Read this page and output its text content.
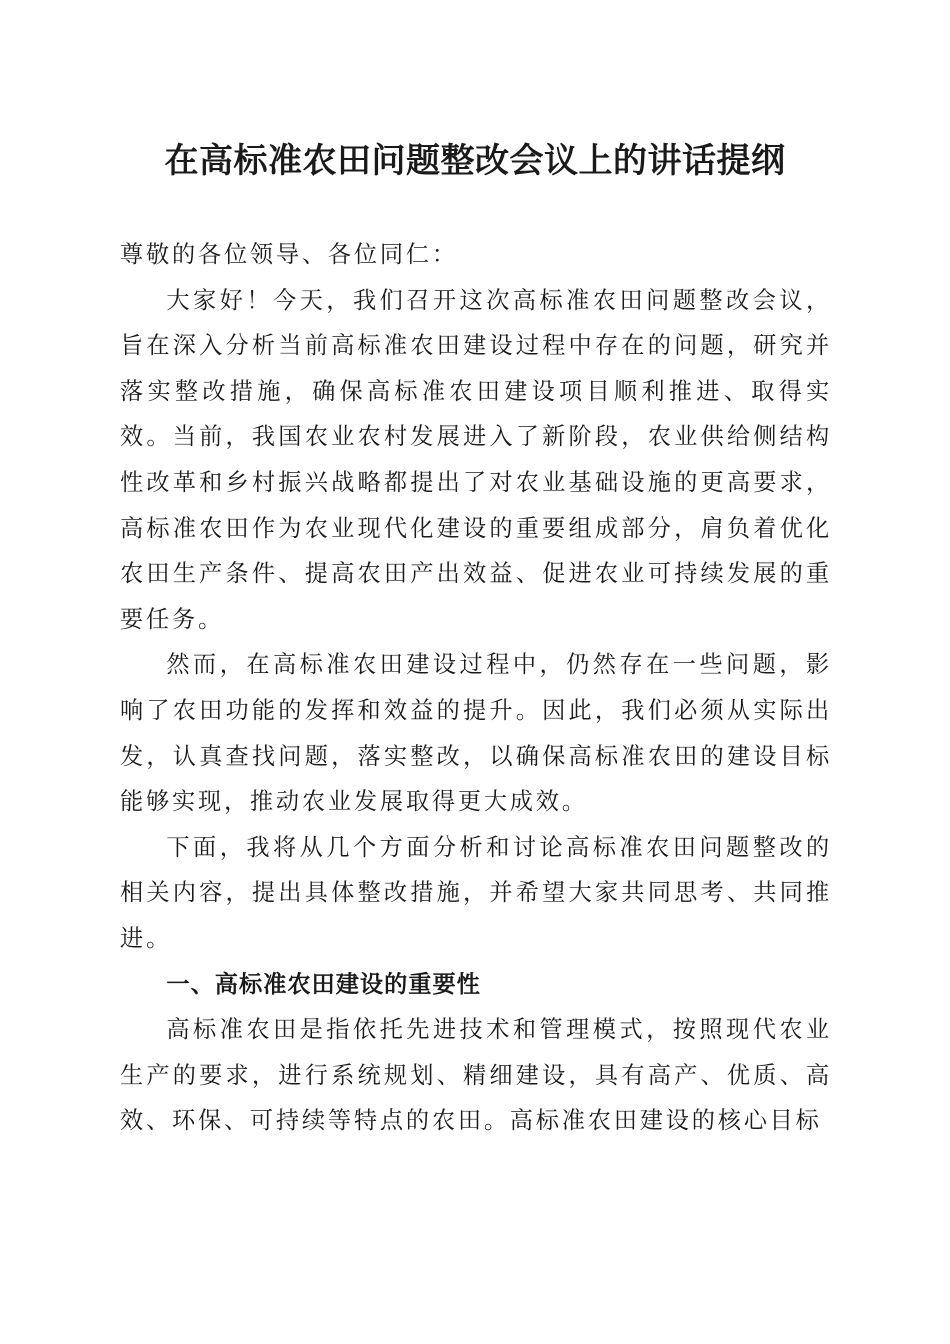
在高标准农田问题整改会议上的讲话提纲

尊敬的各位领导、各位同仁：

大家好！今天，我们召开这次高标准农田问题整改会议，旨在深入分析当前高标准农田建设过程中存在的问题，研究并落实整改措施，确保高标准农田建设项目顺利推进、取得实效。当前，我国农业农村发展进入了新阶段，农业供给侧结构性改革和乡村振兴战略都提出了对农业基础设施的更高要求，高标准农田作为农业现代化建设的重要组成部分，肩负着优化农田生产条件、提高农田产出效益、促进农业可持续发展的重要任务。

然而，在高标准农田建设过程中，仍然存在一些问题，影响了农田功能的发挥和效益的提升。因此，我们必须从实际出发，认真查找问题，落实整改，以确保高标准农田的建设目标能够实现，推动农业发展取得更大成效。

下面，我将从几个方面分析和讨论高标准农田问题整改的相关内容，提出具体整改措施，并希望大家共同思考、共同推进。

一、高标准农田建设的重要性

高标准农田是指依托先进技术和管理模式，按照现代农业生产的要求，进行系统规划、精细建设，具有高产、优质、高效、环保、可持续等特点的农田。高标准农田建设的核心目标
